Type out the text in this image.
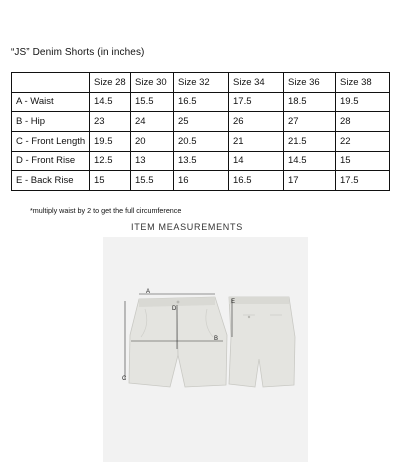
“JS” Denim Shorts (in inches)
	Size 28	Size 30	Size 32	Size 34	Size 36	Size 38
A - Waist	14.5	15.5	16.5	17.5	18.5	19.5
B - Hip	23	24	25	26	27	28
C - Front Length	19.5	20	20.5	21	21.5	22
D - Front Rise	12.5	13	13.5	14	14.5	15
E - Back Rise	15	15.5	16	16.5	17	17.5
*multiply waist by 2 to get the full circumference
ITEM MEASUREMENTS
A
B
C
D
E
